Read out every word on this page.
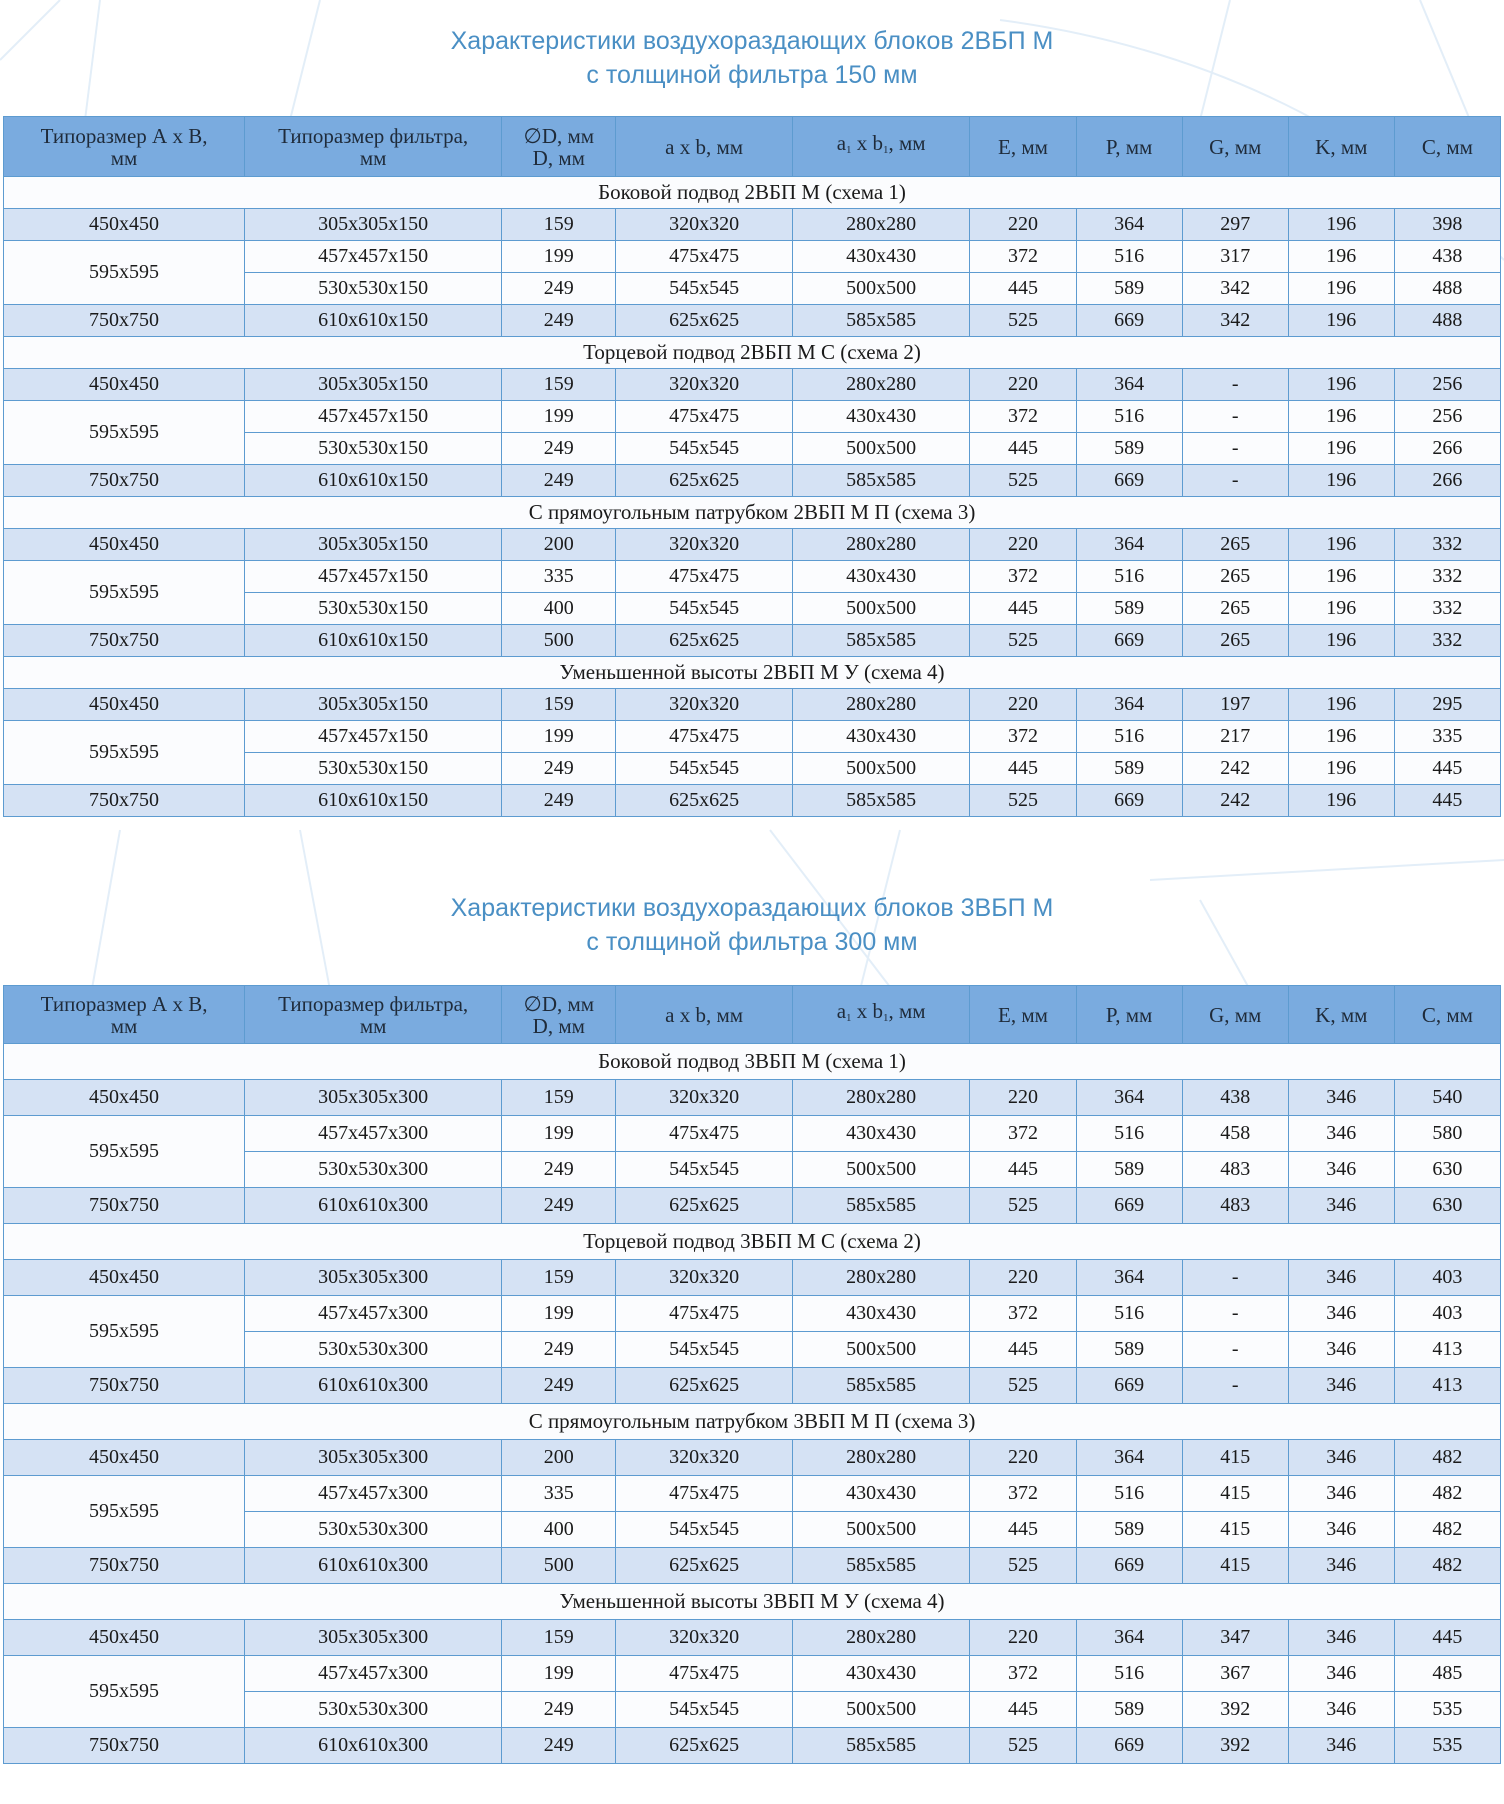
Характеристики воздухораздающих блоков 2ВБП М
с толщиной фильтра 150 мм
Типоразмер А х В,
мм	Типоразмер фильтра,
мм	∅D, мм
D, мм	a x b, мм	$a_1$ x $b_1$, мм	E, мм	P, мм	G, мм	K, мм	C, мм
Боковой подвод 2ВБП М (схема 1)									
450x450	305x305x150	159	320x320	280x280	220	364	297	196	398
595x595	457x457x150	199	475x475	430x430	372	516	317	196	438
	530x530x150	249	545x545	500x500	445	589	342	196	488
750x750	610x610x150	249	625x625	585x585	525	669	342	196	488
Торцевой подвод 2ВБП М С (схема 2)									
450x450	305x305x150	159	320x320	280x280	220	364	-	196	256
595x595	457x457x150	199	475x475	430x430	372	516	-	196	256
	530x530x150	249	545x545	500x500	445	589	-	196	266
750x750	610x610x150	249	625x625	585x585	525	669	-	196	266
С прямоугольным патрубком 2ВБП М П (схема 3)									
450x450	305x305x150	200	320x320	280x280	220	364	265	196	332
595x595	457x457x150	335	475x475	430x430	372	516	265	196	332
	530x530x150	400	545x545	500x500	445	589	265	196	332
750x750	610x610x150	500	625x625	585x585	525	669	265	196	332
Уменьшенной высоты 2ВБП М У (схема 4)									
450x450	305x305x150	159	320x320	280x280	220	364	197	196	295
595x595	457x457x150	199	475x475	430x430	372	516	217	196	335
	530x530x150	249	545x545	500x500	445	589	242	196	445
750x750	610x610x150	249	625x625	585x585	525	669	242	196	445
Характеристики воздухораздающих блоков 3ВБП М
с толщиной фильтра 300 мм
Типоразмер А х В,
мм	Типоразмер фильтра,
мм	∅D, мм
D, мм	a x b, мм	$a_1$ x $b_1$, мм	E, мм	P, мм	G, мм	K, мм	C, мм
Боковой подвод 3ВБП М (схема 1)									
450x450	305x305x300	159	320x320	280x280	220	364	438	346	540
595x595	457x457x300	199	475x475	430x430	372	516	458	346	580
	530x530x300	249	545x545	500x500	445	589	483	346	630
750x750	610x610x300	249	625x625	585x585	525	669	483	346	630
Торцевой подвод 3ВБП М С (схема 2)									
450x450	305x305x300	159	320x320	280x280	220	364	-	346	403
595x595	457x457x300	199	475x475	430x430	372	516	-	346	403
	530x530x300	249	545x545	500x500	445	589	-	346	413
750x750	610x610x300	249	625x625	585x585	525	669	-	346	413
С прямоугольным патрубком 3ВБП М П (схема 3)									
450x450	305x305x300	200	320x320	280x280	220	364	415	346	482
595x595	457x457x300	335	475x475	430x430	372	516	415	346	482
	530x530x300	400	545x545	500x500	445	589	415	346	482
750x750	610x610x300	500	625x625	585x585	525	669	415	346	482
Уменьшенной высоты 3ВБП М У (схема 4)									
450x450	305x305x300	159	320x320	280x280	220	364	347	346	445
595x595	457x457x300	199	475x475	430x430	372	516	367	346	485
	530x530x300	249	545x545	500x500	445	589	392	346	535
750x750	610x610x300	249	625x625	585x585	525	669	392	346	535
